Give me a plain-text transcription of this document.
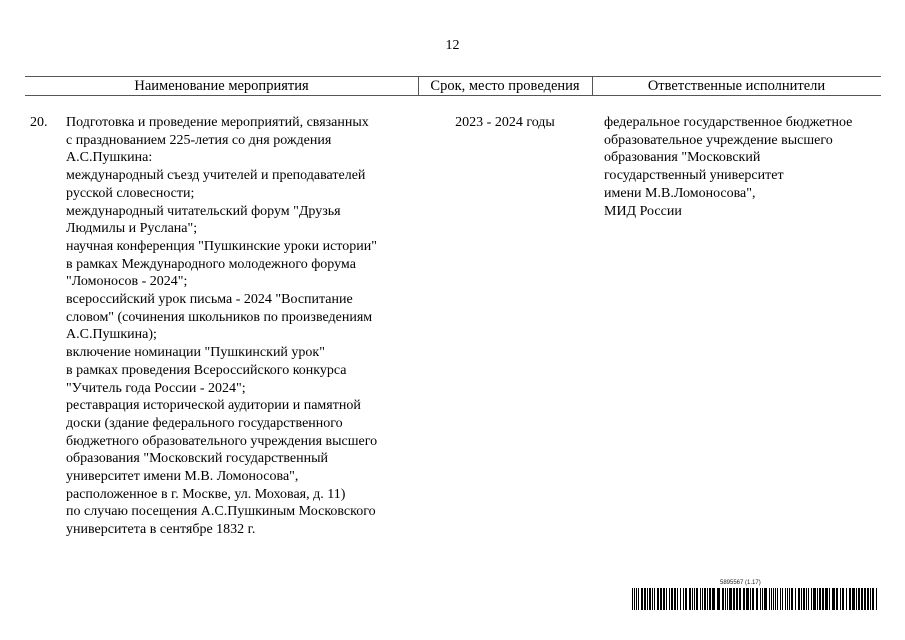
12
Наименование мероприятия	Срок, место проведения	Ответственные исполнители
20. Подготовка и проведение мероприятий, связанных
с празднованием 225-летия со дня рождения
А.С.Пушкина:
международный съезд учителей и преподавателей
русской словесности;
международный читательский форум "Друзья
Людмилы и Руслана";
научная конференция "Пушкинские уроки истории"
в рамках Международного молодежного форума
"Ломоносов - 2024";
всероссийский урок письма - 2024 "Воспитание
словом" (сочинения школьников по произведениям
А.С.Пушкина);
включение номинации "Пушкинский урок"
в рамках проведения Всероссийского конкурса
"Учитель года России - 2024";
реставрация исторической аудитории и памятной
доски (здание федерального государственного
бюджетного образовательного учреждения высшего
образования "Московский государственный
университет имени М.В. Ломоносова",
расположенное в г. Москве, ул. Моховая, д. 11)
по случаю посещения А.С.Пушкиным Московского
университета в сентябре 1832 г.
2023 - 2024 годы	федеральное государственное бюджетное
образовательное учреждение высшего
образования "Московский
государственный университет
имени М.В.Ломоносова",
МИД России
5895567 (1.17)
